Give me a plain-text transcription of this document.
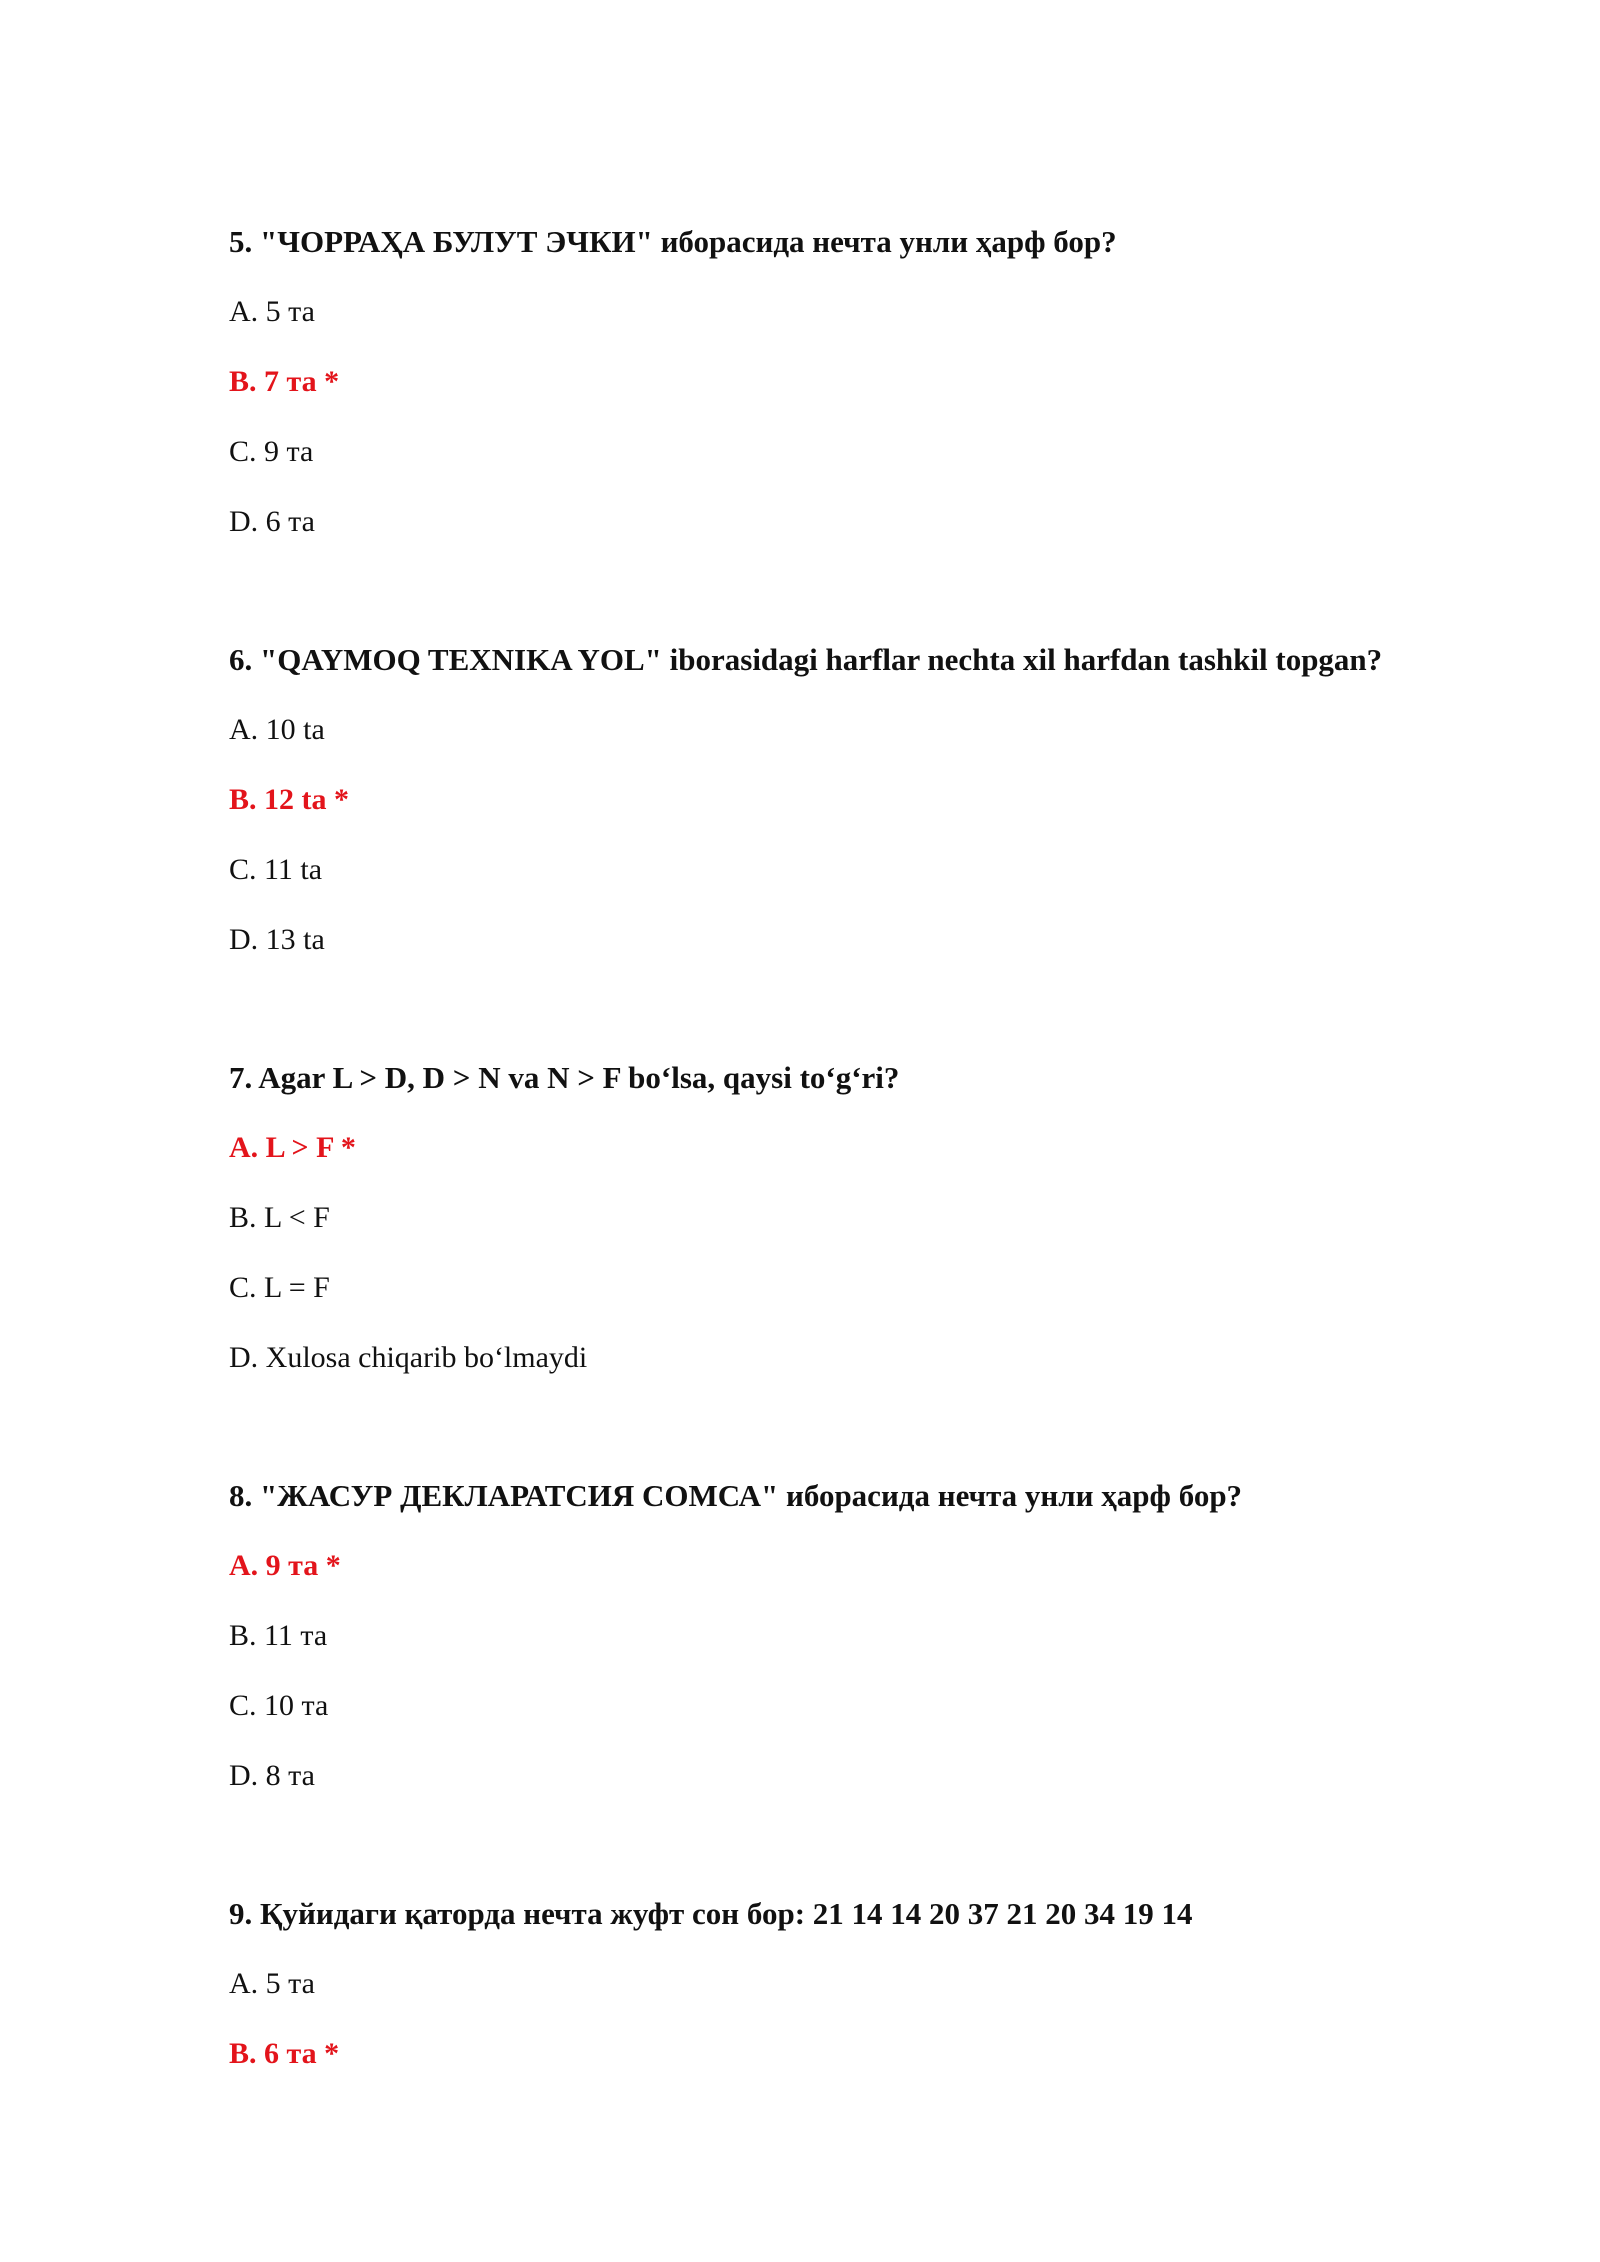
5. "ЧОРРАҲА БУЛУТ ЭЧКИ" иборасида нечта унли ҳарф бор?

A. 5 та

B. 7 та *

C. 9 та

D. 6 та

6. "QAYMOQ TEXNIKA YOL" iborasidagi harflar nechta xil harfdan tashkil topgan?

A. 10 ta

B. 12 ta *

C. 11 ta

D. 13 ta

7. Agar L > D, D > N va N > F bo‘lsa, qaysi to‘g‘ri?

A. L > F *

B. L < F

C. L = F

D. Xulosa chiqarib bo‘lmaydi

8. "ЖАСУР ДЕКЛАРАТСИЯ СОМСА" иборасида нечта унли ҳарф бор?

A. 9 та *

B. 11 та

C. 10 та

D. 8 та

9. Қуйидаги қаторда нечта жуфт сон бор: 21 14 14 20 37 21 20 34 19 14

A. 5 та

B. 6 та *
